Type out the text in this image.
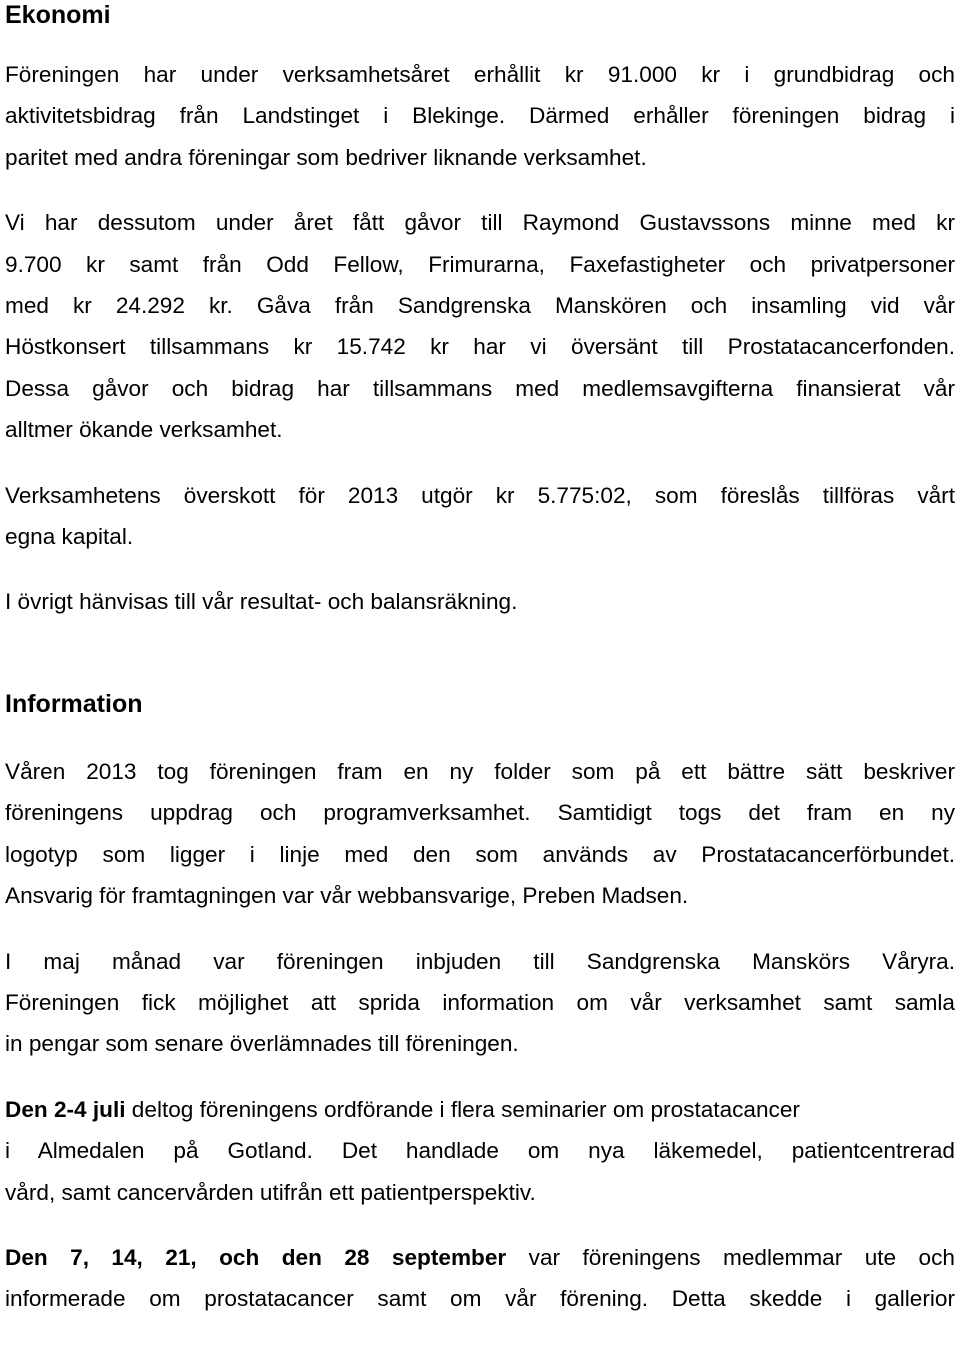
Ekonomi

Föreningen har under verksamhetsåret erhållit kr 91.000 kr i grundbidrag och
aktivitetsbidrag från Landstinget i Blekinge. Därmed erhåller föreningen bidrag i
paritet med andra föreningar som bedriver liknande verksamhet.

Vi har dessutom under året fått gåvor till Raymond Gustavssons minne med kr
9.700 kr samt från Odd Fellow, Frimurarna, Faxefastigheter och privatpersoner
med kr 24.292 kr. Gåva från Sandgrenska Manskören och insamling vid vår
Höstkonsert tillsammans kr 15.742 kr har vi översänt till Prostatacancerfonden.
Dessa gåvor och bidrag har tillsammans med medlemsavgifterna finansierat vår
alltmer ökande verksamhet.

Verksamhetens överskott för 2013 utgör kr 5.775:02, som föreslås tillföras vårt
egna kapital.

I övrigt hänvisas till vår resultat- och balansräkning.

Information

Våren 2013 tog föreningen fram en ny folder som på ett bättre sätt beskriver
föreningens uppdrag och programverksamhet. Samtidigt togs det fram en ny
logotyp som ligger i linje med den som används av Prostatacancerförbundet.
Ansvarig för framtagningen var vår webbansvarige, Preben Madsen.

I maj månad var föreningen inbjuden till Sandgrenska Manskörs Våryra.
Föreningen fick möjlighet att sprida information om vår verksamhet samt samla
in pengar som senare överlämnades till föreningen.

Den 2-4 juli deltog föreningens ordförande i flera seminarier om prostatacancer
i Almedalen på Gotland. Det handlade om nya läkemedel, patientcentrerad
vård, samt cancervården utifrån ett patientperspektiv.

Den 7, 14, 21, och den 28 september var föreningens medlemmar ute och
informerade om prostatacancer samt om vår förening. Detta skedde i gallerior
